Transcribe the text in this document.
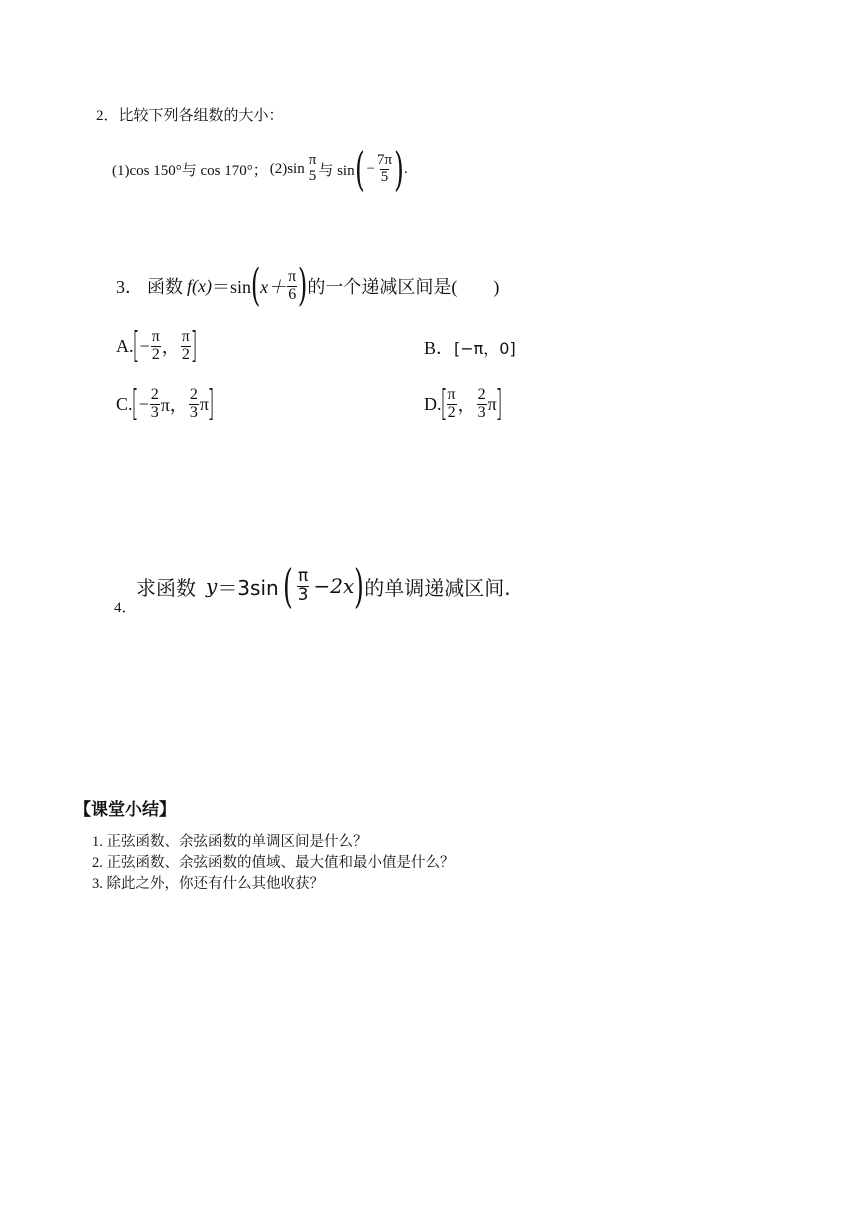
2．比较下列各组数的大小：
(1)cos 150°与 cos 170°； (2)sin
π
5 与 sin ( − $\frac{7\pi}{5}$ ) .
3． 函数 f(x) ＝sin ( $x+ \frac{\pi}{6}$ ) 的一个递减区间是(　　)
A.
[ − $\frac{\pi}{2}$ ， $\frac{\pi}{2}$ ]	B．[−π，0]
C.
[ − $\frac{2}{3}$ π， $\frac{2}{3}$ π
]	D.
[ $\frac{\pi}{2}$ ， $\frac{2}{3}$ π
]
4．
求函数 y ＝3sin ( $\frac{\pi}{3} -2x$ ) 的单调递减区间.
【课堂小结】
1. 正弦函数、余弦函数的单调区间是什么？
2. 正弦函数、余弦函数的值域、最大值和最小值是什么？
3. 除此之外，你还有什么其他收获？
